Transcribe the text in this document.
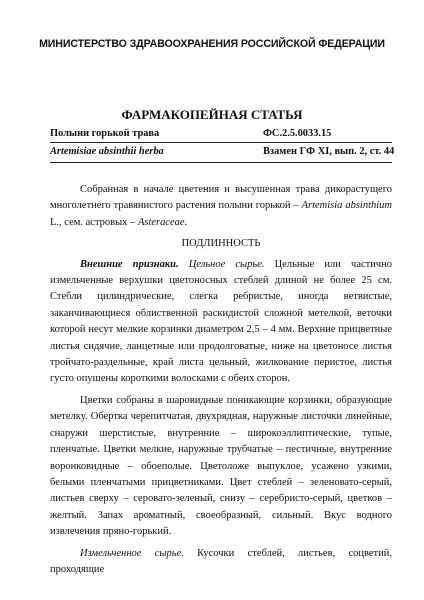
МИНИСТЕРСТВО ЗДРАВООХРАНЕНИЯ РОССИЙСКОЙ ФЕДЕРАЦИИ
ФАРМАКОПЕЙНАЯ СТАТЬЯ
Полыни горькой трава	ФС.2.5.0033.15
Artemisiae absinthii herba	Взамен ГФ XI, вып. 2, ст. 44

Собранная в начале цветения и высушенная трава дикорастущего многолетнего травянистого растения полыни горькой – Artemisia absinthium L., сем. астровых – Asteraceae.

ПОДЛИННОСТЬ

Внешние признаки. Цельное сырье. Цельные или частично измельченные верхушки цветоносных стеблей длиной не более 25 см. Стебли цилиндрические, слегка ребристые, иногда ветвистые, заканчивающиеся облиственной раскидистой сложной метелкой, веточки которой несут мелкие корзинки диаметром 2,5 – 4 мм. Верхние прицветные листья сидячие, ланцетные или продолговатые, ниже на цветоносе листья тройчато-раздельные, край листа цельный, жилкование перистое, листья густо опушены короткими волосками с обеих сторон.

Цветки собраны в шаровидные поникающие корзинки, образующие метелку. Обертка черепитчатая, двухрядная, наружные листочки линейные, снаружи шерстистые, внутренние – широкоэллиптические, тупые, пленчатые. Цветки мелкие, наружные трубчатые – пестичные, внутренние воронковидные – обоеполые. Цветоложе выпуклое, усажено узкими, белыми пленчатыми прицветниками. Цвет стеблей – зеленовато-серый, листьев сверху – серовато-зеленый, снизу – серебристо-серый, цветков – желтый. Запах ароматный, своеобразный, сильный. Вкус водного извлечения пряно-горький.

Измельченное сырье. Кусочки стеблей, листьев, соцветий, проходящие
